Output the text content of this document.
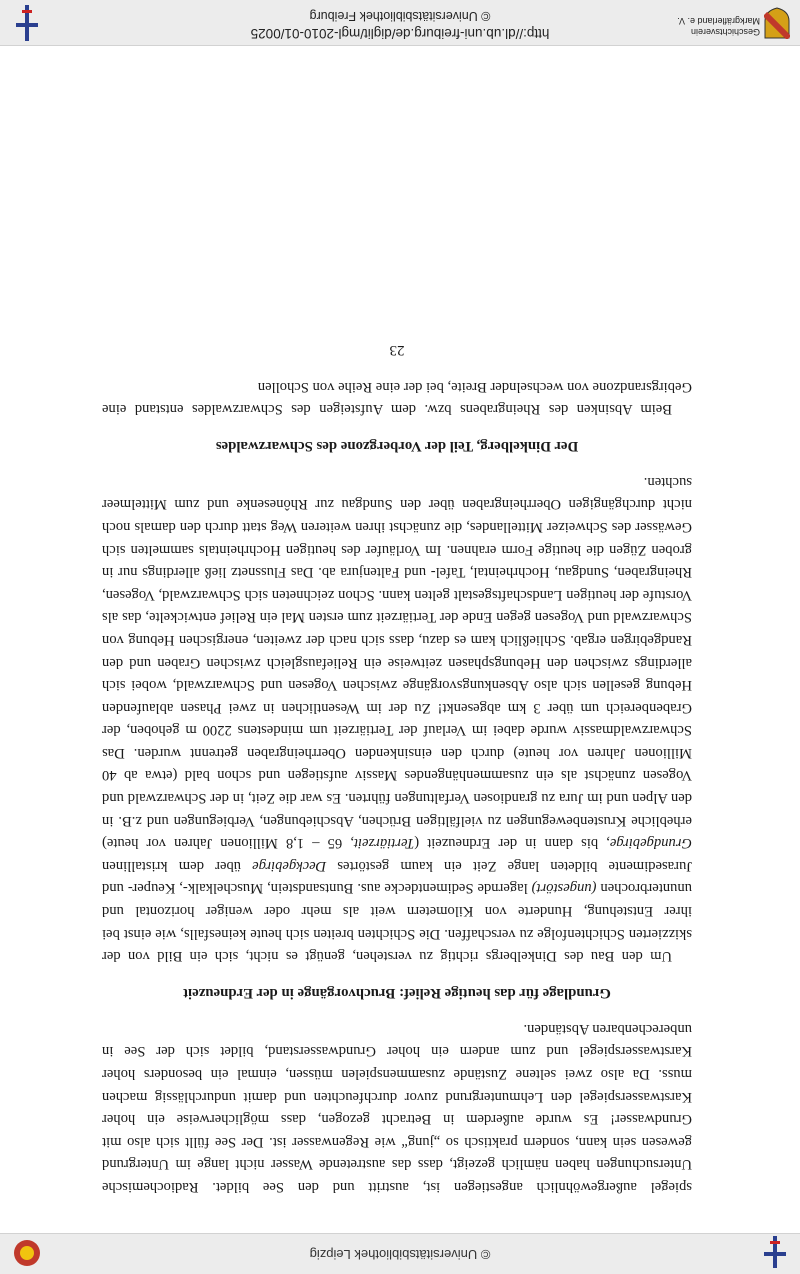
© Universitätsbibliothek Leipzig

spiegel außergewöhnlich angestiegen ist, austritt und den See bildet. Radiochemische Untersuchungen haben nämlich gezeigt, dass das austretende Wasser nicht lange im Untergrund gewesen sein kann, sondern praktisch so „jung“ wie Regenwasser ist. Der See füllt sich also mit Grundwasser! Es wurde außerdem in Betracht gezogen, dass möglicherweise ein hoher Karstwasserspiegel den Lehmuntergrund zuvor durchfeuchten und damit undurchlässig machen muss. Da also zwei seltene Zustände zusammenspielen müssen, einmal ein besonders hoher Karstwasserspiegel und zum andern ein hoher Grundwasserstand, bildet sich der See in unberechenbaren Abständen.

Grundlage für das heutige Relief: Bruchvorgänge in der Erdneuzeit

Um den Bau des Dinkelbergs richtig zu verstehen, genügt es nicht, sich ein Bild von der skizzierten Schichtenfolge zu verschaffen. Die Schichten breiten sich heute keinesfalls, wie einst bei ihrer Entstehung, Hunderte von Kilometern weit als mehr oder weniger horizontal und ununterbrochen (ungestört) lagernde Sedimentdecke aus. Buntsandstein, Muschelkalk-, Keuper- und Jurasedimente bildeten lange Zeit ein kaum gestörtes Deckgebirge über dem kristallinen Grundgebirge, bis dann in der Erdneuzeit (Tertiärzeit, 65 – 1,8 Millionen Jahren vor heute) erhebliche Krustenbewegungen zu vielfältigen Brüchen, Abschiebungen, Verbiegungen und z.B. in den Alpen und im Jura zu grandiosen Verfaltungen führten. Es war die Zeit, in der Schwarzwald und Vogesen zunächst als ein zusammenhängendes Massiv aufstiegen und schon bald (etwa ab 40 Millionen Jahren vor heute) durch den einsinkenden Oberrheingraben getrennt wurden. Das Schwarzwaldmassiv wurde dabei im Verlauf der Tertiärzeit um mindestens 2200 m gehoben, der Grabenbereich um über 3 km abgesenkt! Zu der im Wesentlichen in zwei Phasen ablaufenden Hebung gesellen sich also Absenkungsvorgänge zwischen Vogesen und Schwarzwald, wobei sich allerdings zwischen den Hebungsphasen zeitweise ein Reliefausgleich zwischen Graben und den Randgebirgen ergab. Schließlich kam es dazu, dass sich nach der zweiten, energischen Hebung von Schwarzwald und Vogesen gegen Ende der Tertiärzeit zum ersten Mal ein Relief entwickelte, das als Vorstufe der heutigen Landschaftsgestalt gelten kann. Schon zeichneten sich Schwarzwald, Vogesen, Rheingraben, Sundgau, Hochrheintal, Tafel- und Faltenjura ab. Das Flussnetz ließ allerdings nur in groben Zügen die heutige Form erahnen. Im Vorläufer des heutigen Hochrheintals sammelten sich Gewässer des Schweizer Mittellandes, die zunächst ihren weiteren Weg statt durch den damals noch nicht durchgängigen Oberrheingraben über den Sundgau zur Rhônesenke und zum Mittelmeer suchten.

Der Dinkelberg, Teil der Vorbergzone des Schwarzwaldes

Beim Absinken des Rheingrabens bzw. dem Aufsteigen des Schwarzwaldes entstand eine Gebirgsrandzone von wechselnder Breite, bei der eine Reihe von Schollen

23
Geschichtsverein
Markgräflerland e. V.
http://dl.ub.uni-freiburg.de/diglit/mgl-2010-01/0025
© Universitätsbibliothek Freiburg
